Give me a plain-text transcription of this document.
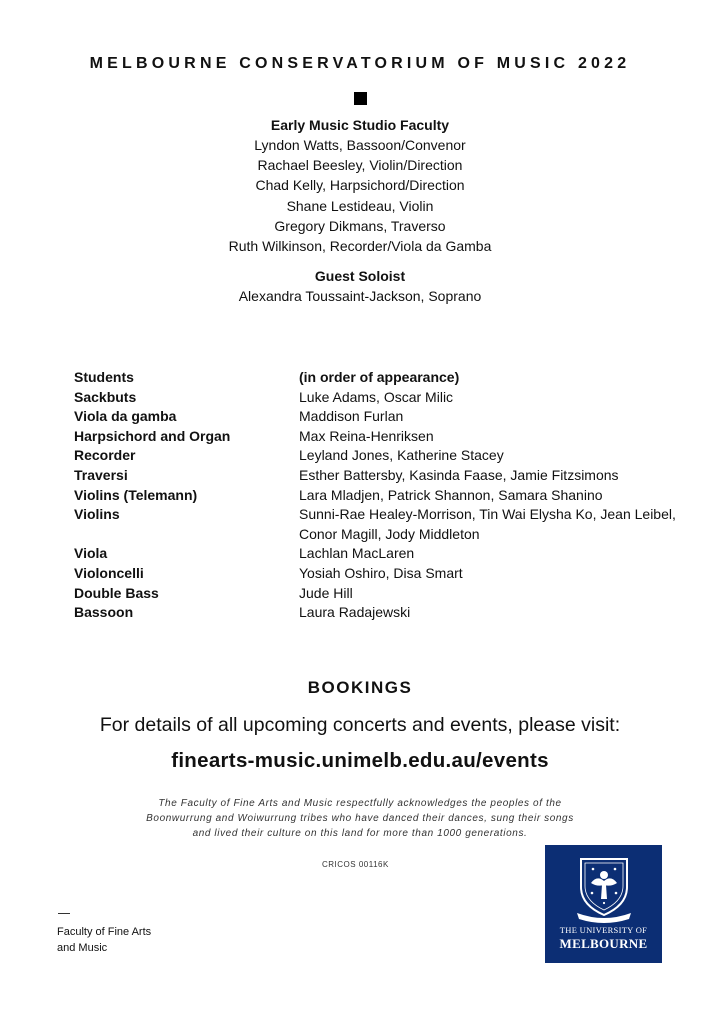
MELBOURNE CONSERVATORIUM OF MUSIC 2022
Early Music Studio Faculty
Lyndon Watts, Bassoon/Convenor
Rachael Beesley, Violin/Direction
Chad Kelly, Harpsichord/Direction
Shane Lestideau, Violin
Gregory Dikmans, Traverso
Ruth Wilkinson, Recorder/Viola da Gamba
Guest Soloist
Alexandra Toussaint-Jackson, Soprano
Students	(in order of appearance)
Sackbuts	Luke Adams, Oscar Milic
Viola da gamba	Maddison Furlan
Harpsichord and Organ	Max Reina-Henriksen
Recorder	Leyland Jones, Katherine Stacey
Traversi	Esther Battersby, Kasinda Faase, Jamie Fitzsimons
Violins (Telemann)	Lara Mladjen, Patrick Shannon, Samara Shanino
Violins	Sunni-Rae Healey-Morrison, Tin Wai Elysha Ko, Jean Leibel,
Conor Magill, Jody Middleton
Viola	Lachlan MacLaren
Violoncelli	Yosiah Oshiro, Disa Smart
Double Bass	Jude Hill
Bassoon	Laura Radajewski
BOOKINGS
For details of all upcoming concerts and events, please visit:
finearts-music.unimelb.edu.au/events
The Faculty of Fine Arts and Music respectfully acknowledges the peoples of the
Boonwurrung and Woiwurrung tribes who have danced their dances, sung their songs
and lived their culture on this land for more than 1000 generations.
CRICOS 00116K
Faculty of Fine Arts
and Music
THE UNIVERSITY OF
MELBOURNE
